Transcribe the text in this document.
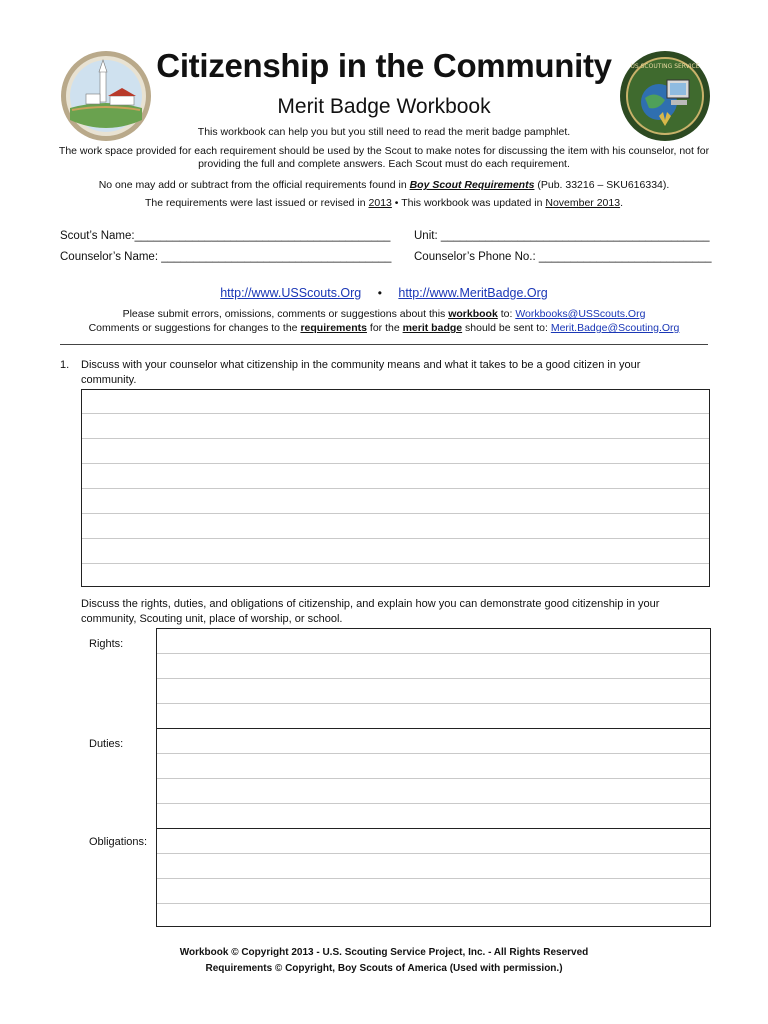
US SCOUTING SERVICE
Citizenship in the Community
Merit Badge Workbook
This workbook can help you but you still need to read the merit badge pamphlet.
The work space provided for each requirement should be used by the Scout to make notes for discussing the item with his counselor, not for
providing the full and complete answers. Each Scout must do each requirement.
No one may add or subtract from the official requirements found in Boy Scout Requirements (Pub. 33216 – SKU616334).
The requirements were last issued or revised in 2013 • This workbook was updated in November 2013.
Scout’s Name:________________________________________ Unit: __________________________________________
Counselor’s Name: ____________________________________ Counselor’s Phone No.: ___________________________
http://www.USScouts.Org • http://www.MeritBadge.Org
Please submit errors, omissions, comments or suggestions about this workbook to: Workbooks@USScouts.Org
Comments or suggestions for changes to the requirements for the merit badge should be sent to: Merit.Badge@Scouting.Org
1. Discuss with your counselor what citizenship in the community means and what it takes to be a good citizen in your
community.
Discuss the rights, duties, and obligations of citizenship, and explain how you can demonstrate good citizenship in your
community, Scouting unit, place of worship, or school.
Rights:
Duties:
Obligations:
Workbook © Copyright 2013 - U.S. Scouting Service Project, Inc. - All Rights Reserved
Requirements © Copyright, Boy Scouts of America (Used with permission.)
